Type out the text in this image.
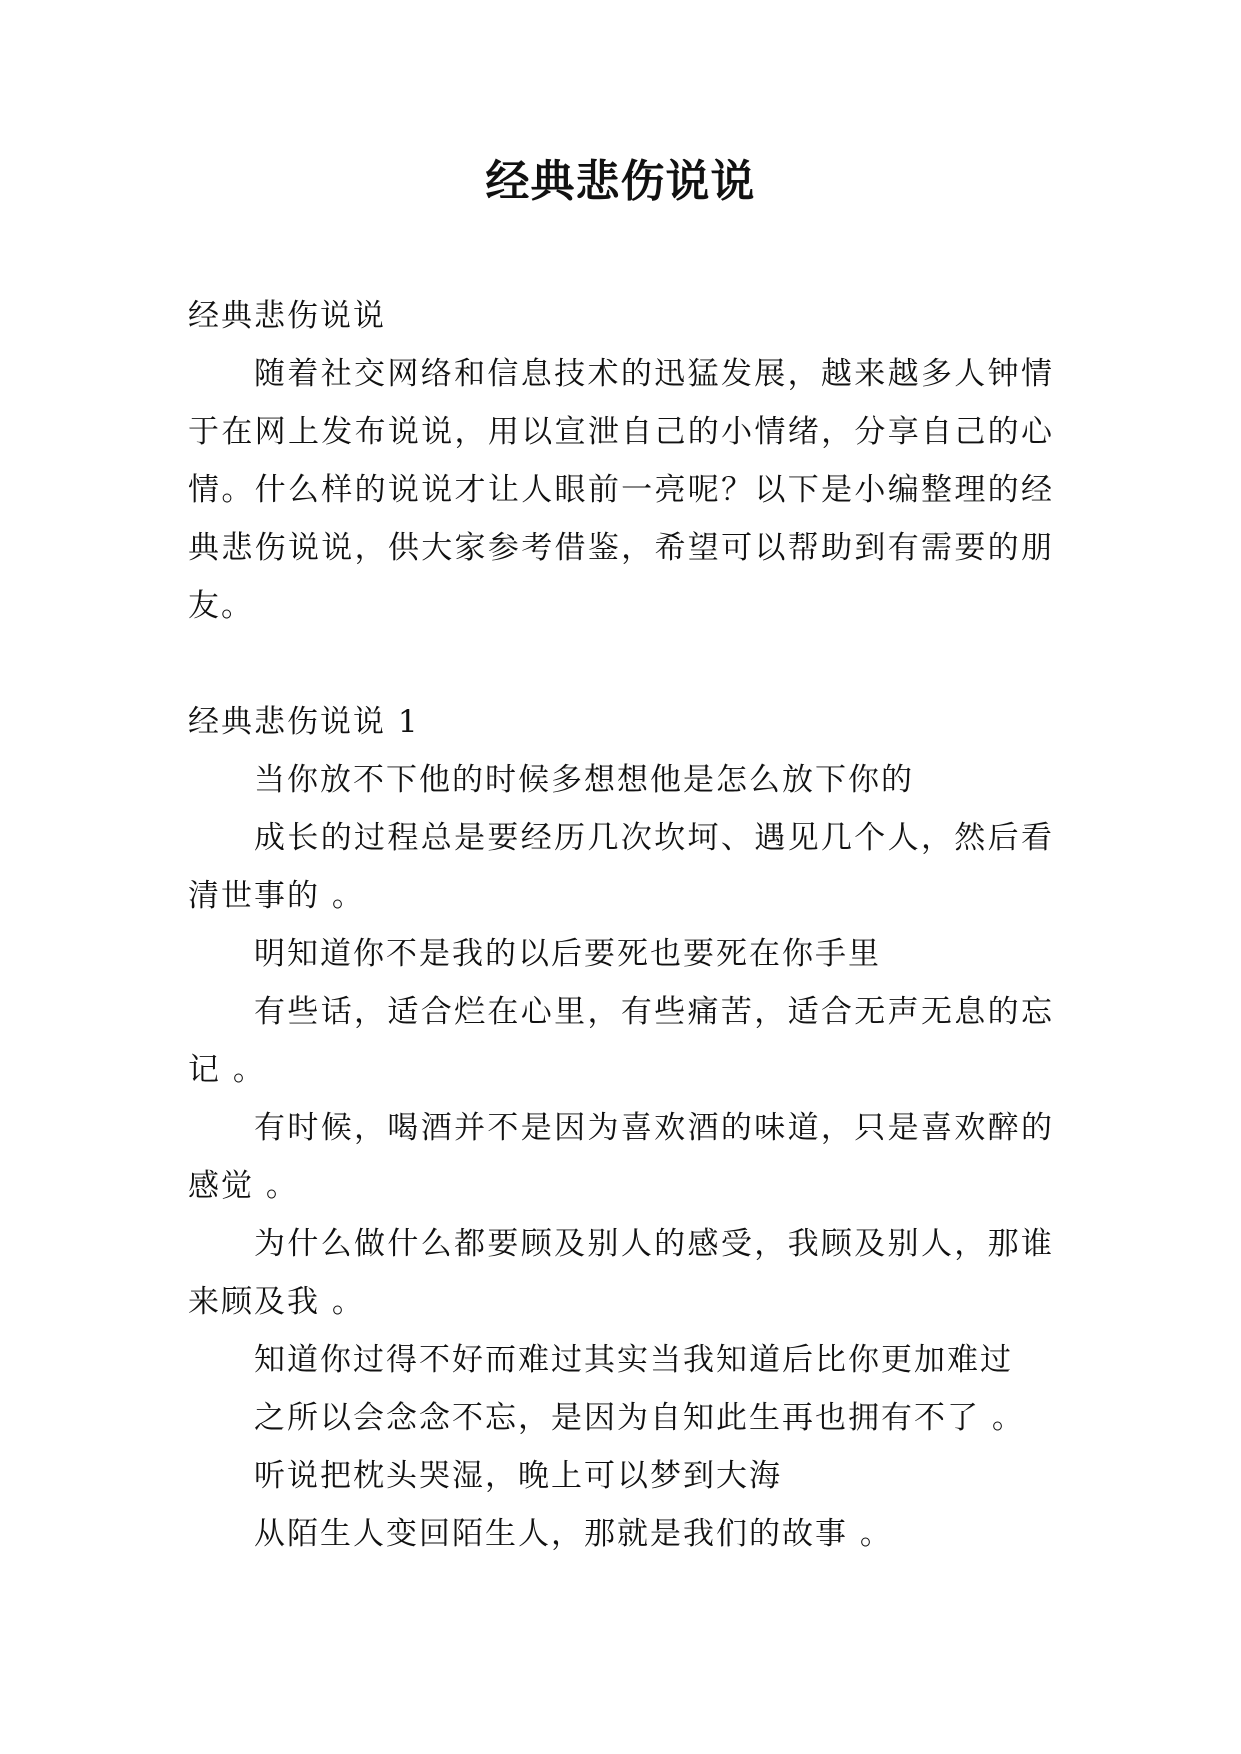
经典悲伤说说

经典悲伤说说

随着社交网络和信息技术的迅猛发展，越来越多人钟情于在网上发布说说，用以宣泄自己的小情绪，分享自己的心情。什么样的说说才让人眼前一亮呢？以下是小编整理的经典悲伤说说，供大家参考借鉴，希望可以帮助到有需要的朋友。

经典悲伤说说 1

当你放不下他的时候多想想他是怎么放下你的

成长的过程总是要经历几次坎坷、遇见几个人，然后看清世事的 。

明知道你不是我的以后要死也要死在你手里

有些话，适合烂在心里，有些痛苦，适合无声无息的忘记 。

有时候，喝酒并不是因为喜欢酒的味道，只是喜欢醉的感觉 。

为什么做什么都要顾及别人的感受，我顾及别人，那谁来顾及我 。

知道你过得不好而难过其实当我知道后比你更加难过

之所以会念念不忘，是因为自知此生再也拥有不了 。

听说把枕头哭湿，晚上可以梦到大海

从陌生人变回陌生人，那就是我们的故事 。
